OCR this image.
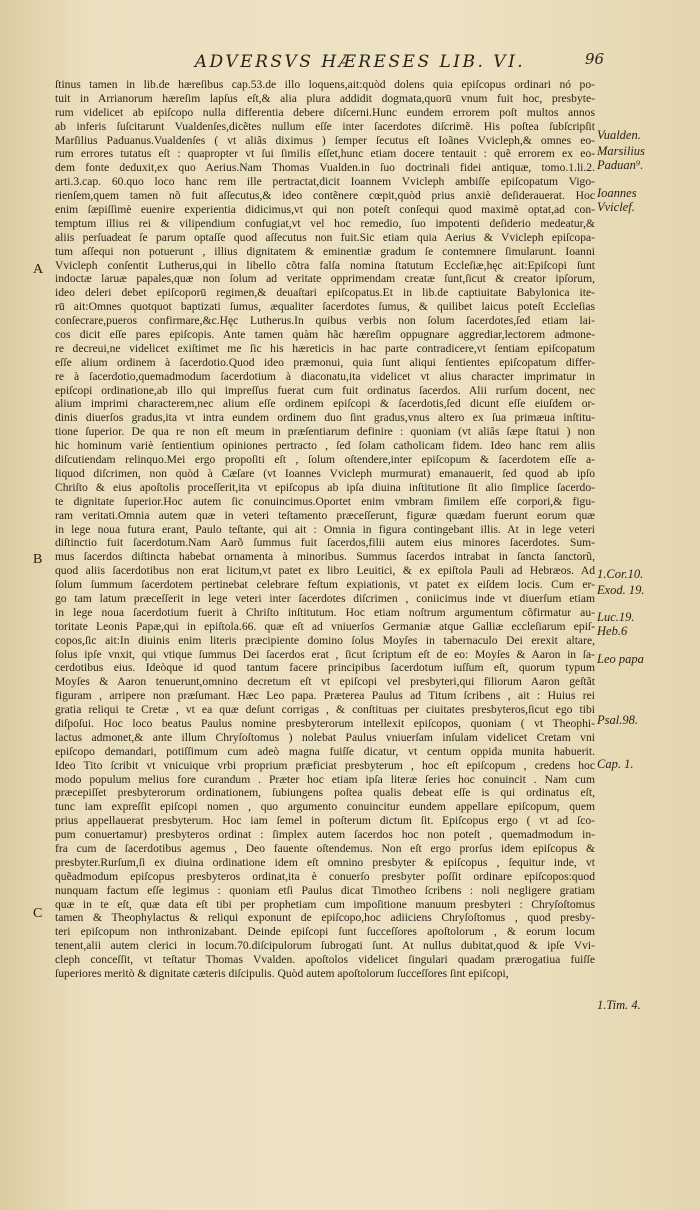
ADVERSVS HÆRESES LIB. VI.	96
A
B
C
Vualden.
Marsilius Paduan⁹.
Ioannes Vviclef.
1.Cor.10.
Exod. 19.
Luc.19.
Heb.6
Leo papa
Psal.98.
Cap. 1.
1.Tim. 4.
ſtinus tamen in lib.de hæreſibus cap.53.de illo loquens,ait:quòd dolens quia epiſcopus ordinari nó po-
tuit in Arrianorum hæreſim lapſus eſt,& alia plura addidit dogmata,quorū vnum fuit hoc, presbyte-
rum videlicet ab epiſcopo nulla differentia debere diſcerni.Hunc eundem errorem poſt multos annos
ab inferis ſuſcitarunt Vualdenſes,dicẽtes nullum eſſe inter ſacerdotes diſcrimẽ. His poſtea ſubſcripſit
Marſilius Paduanus.Vualdenſes ( vt aliâs diximus ) ſemper ſecutus eſt Ioãnes Vvicleph,& omnes eo-
rum errores tutatus eſt : quapropter vt ſui ſimilis eſſet,hunc etiam docere tentauit : quẽ errorem ex eo-
dem fonte deduxit,ex quo Aerius.Nam Thomas Vualden.in ſuo doctrinali fidei antiquæ, tomo.1.li.2.
arti.3.cap. 60.quo loco hanc rem ille pertractat,dicit Ioannem Vvicleph ambiſſe epiſcopatum Vigo-
rienſem,quem tamen nõ fuit aſſecutus,& ideo contẽnere cœpit,quòd prius anxiè deſiderauerat. Hoc
enim ſæpiſſimè euenire experientia didicimus,vt qui non poteſt conſequi quod maximè optat,ad con-
temptum illius rei & vilipendium confugiat,vt vel hoc remedio, ſuo impotenti deſiderio medeatur,&
aliis perſuadeat ſe parum optaſſe quod aſſecutus non fuit.Sic etiam quia Aerius & Vvicleph epiſcopa-
tum aſſequi non potuerunt , illius dignitatem & eminentiæ gradum ſe contemnere ſimularunt. Ioanni
Vvicleph conſentit Lutherus,qui in libello cõtra falſa nomina ſtatutum Eccleſiæ,hęc ait:Epiſcopi ſunt
indoctæ laruæ papales,quæ non ſolum ad veritate opprimendam creatæ ſunt,ſicut & creator ipſorum,
ideo deleri debet epiſcoporū regimen,& deuaſtari epiſcopatus.Et in lib.de captiuitate Babylonica ite-
rū ait:Omnes quotquot baptizati ſumus, æqualiter ſacerdotes ſumus, & quilibet laicus poteſt Eccleſias
conſecrare,pueros confirmare,&c.Hęc Lutherus.In quibus verbis non ſolum ſacerdotes,ſed etiam lai-
cos dicit eſſe pares epiſcopis. Ante tamen quàm hãc hæreſim oppugnare aggrediar,lectorem admone-
re decreui,ne videlicet exiſtimet me ſic his hæreticis in hac parte contradicere,vt ſentiam epiſcopatum
eſſe alium ordinem à ſacerdotio.Quod ideo præmonui, quia ſunt aliqui ſentientes epiſcopatum differ-
re à ſacerdotio,quemadmodum ſacerdotium à diaconatu,ita videlicet vt alius character imprimatur in
epiſcopi ordinatione,ab illo qui impreſſus fuerat cum fuit ordinatus ſacerdos. Alii rurſum docent, nec
alium imprimi characterem,nec alium eſſe ordinem epiſcopi & ſacerdotis,ſed dicunt eſſe eiuſdem or-
dinis diuerſos gradus,ita vt intra eundem ordinem duo ſint gradus,vnus altero ex ſua primæua inſtitu-
tione ſuperior. De qua re non eſt meum in præſentiarum definire : quoniam (vt aliâs ſæpe ſtatui ) non
hic hominum variè ſentientium opiniones pertracto , ſed ſolam catholicam fidem. Ideo hanc rem aliis
diſcutiendam relinquo.Mei ergo propoſiti eſt , ſolum oſtendere,inter epiſcopum & ſacerdotem eſſe a-
liquod diſcrimen, non quòd à Cæſare (vt Ioannes Vvicleph murmurat) emanauerit, ſed quod ab ipſo
Chriſto & eius apoſtolis proceſſerit,ita vt epiſcopus ab ipſa diuina inſtitutione ſit alio ſimplice ſacerdo-
te dignitate ſuperior.Hoc autem ſic conuincimus.Oportet enim vmbram ſimilem eſſe corpori,& figu-
ram veritati.Omnia autem quæ in veteri teſtamento præceſſerunt, figuræ quædam fuerunt eorum quæ
in lege noua futura erant, Paulo teſtante, qui ait : Omnia in figura contingebant illis. At in lege veteri
diſtinctio fuit ſacerdotum.Nam Aarõ ſummus fuit ſacerdos,filii autem eius minores ſacerdotes. Sum-
mus ſacerdos diſtincta habebat ornamenta à minoribus. Summus ſacerdos intrabat in ſancta ſanctorũ,
quod aliis ſacerdotibus non erat licitum,vt patet ex libro Leuitici, & ex epiſtola Pauli ad Hebræos. Ad
ſolum ſummum ſacerdotem pertinebat celebrare feſtum expiationis, vt patet ex eiſdem locis. Cum er-
go tam latum præceſſerit in lege veteri inter ſacerdotes diſcrimen , coniicimus inde vt diuerſum etiam
in lege noua ſacerdotium fuerit à Chriſto inſtitutum. Hoc etiam noſtrum argumentum cõfirmatur au-
toritate Leonis Papæ,qui in epiſtola.66. quæ eſt ad vniuerſos Germaniæ atque Galliæ eccleſiarum epiſ-
copos,ſic ait:In diuinis enim literis præcipiente domino ſolus Moyſes in tabernaculo Dei erexit altare,
ſolus ipſe vnxit, qui vtique ſummus Dei ſacerdos erat , ſicut ſcriptum eſt de eo: Moyſes & Aaron in ſa-
cerdotibus eius. Ideòque id quod tantum facere principibus ſacerdotum iuſſum eſt, quorum typum
Moyſes & Aaron tenuerunt,omnino decretum eſt vt epiſcopi vel presbyteri,qui filiorum Aaron geſtãt
figuram , arripere non præſumant. Hæc Leo papa. Præterea Paulus ad Titum ſcribens , ait : Huius rei
gratia reliqui te Cretæ , vt ea quæ deſunt corrigas , & conſtituas per ciuitates presbyteros,ſicut ego tibi
diſpoſui. Hoc loco beatus Paulus nomine presbyterorum intellexit epiſcopos, quoniam ( vt Theophi-
lactus admonet,& ante illum Chryſoſtomus ) nolebat Paulus vniuerſam inſulam videlicet Cretam vni
epiſcopo demandari, potiſſimum cum adeò magna fuiſſe dicatur, vt centum oppida munita habuerit.
Ideo Tito ſcribit vt vnicuique vrbi proprium præficiat presbyterum , hoc eſt epiſcopum , credens hoc
modo populum melius fore curandum . Præter hoc etiam ipſa literæ ſeries hoc conuincit . Nam cum
præcepiſſet presbyterorum ordinationem, ſubiungens poſtea qualis debeat eſſe is qui ordinatus eſt,
tunc iam expreſſit epiſcopi nomen , quo argumento conuincitur eundem appellare epiſcopum, quem
prius appellauerat presbyterum. Hoc iam ſemel in poſterum dictum ſit. Epiſcopus ergo ( vt ad ſco-
pum conuertamur) presbyteros ordinat : ſimplex autem ſacerdos hoc non poteſt , quemadmodum in-
fra cum de ſacerdotibus agemus , Deo fauente oſtendemus. Non eſt ergo prorſus idem epiſcopus &
presbyter.Rurſum,ſi ex diuina ordinatione idem eſt omnino presbyter & epiſcopus , ſequitur inde, vt
quẽadmodum epiſcopus presbyteros ordinat,ita è conuerſo presbyter poſſit ordinare epiſcopos:quod
nunquam factum eſſe legimus : quoniam etſi Paulus dicat Timotheo ſcribens : noli negligere gratiam
quæ in te eſt, quæ data eſt tibi per prophetiam cum impoſitione manuum presbyteri : Chryſoſtomus
tamen & Theophylactus & reliqui exponunt de epiſcopo,hoc adiiciens Chryſoſtomus , quod presby-
teri epiſcopum non inthronizabant. Deinde epiſcopi ſunt ſucceſſores apoſtolorum , & eorum locum
tenent,alii autem clerici in locum.70.diſcipulorum ſubrogati ſunt. At nullus dubitat,quod & ipſe Vvi-
cleph conceſſit, vt teſtatur Thomas Vvalden. apoſtolos videlicet ſingulari quadam prærogatiua fuiſſe
ſuperiores meritò & dignitate cæteris diſcipulis. Quòd autem apoſtolorum ſucceſſores ſint epiſcopi,
